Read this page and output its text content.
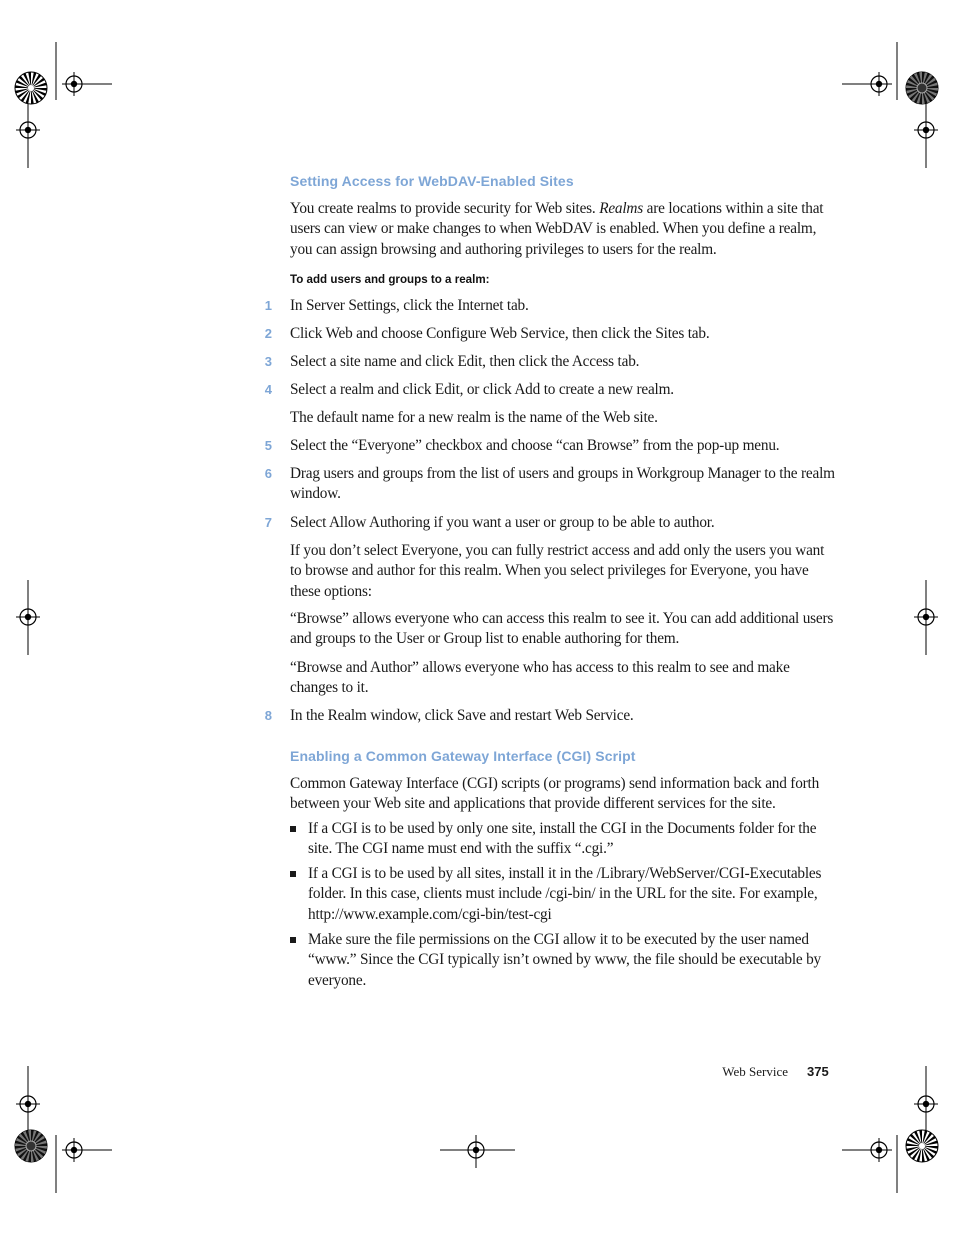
Setting Access for WebDAV-Enabled Sites

You create realms to provide security for Web sites. Realms are locations within a site that users can view or make changes to when WebDAV is enabled. When you define a realm, you can assign browsing and authoring privileges to users for the realm.

To add users and groups to a realm:
1 In Server Settings, click the Internet tab.

2 Click Web and choose Configure Web Service, then click the Sites tab.

3 Select a site name and click Edit, then click the Access tab.

4 Select a realm and click Edit, or click Add to create a new realm.

The default name for a new realm is the name of the Web site.

5 Select the “Everyone” checkbox and choose “can Browse” from the pop-up menu.

6 Drag users and groups from the list of users and groups in Workgroup Manager to the realm window.

7 Select Allow Authoring if you want a user or group to be able to author.

If you don’t select Everyone, you can fully restrict access and add only the users you want to browse and author for this realm. When you select privileges for Everyone, you have these options:

“Browse” allows everyone who can access this realm to see it. You can add additional users and groups to the User or Group list to enable authoring for them.

“Browse and Author” allows everyone who has access to this realm to see and make changes to it.

8 In the Realm window, click Save and restart Web Service.

Enabling a Common Gateway Interface (CGI) Script

Common Gateway Interface (CGI) scripts (or programs) send information back and forth between your Web site and applications that provide different services for the site.

If a CGI is to be used by only one site, install the CGI in the Documents folder for the site. The CGI name must end with the suffix “.cgi.”

If a CGI is to be used by all sites, install it in the /Library/WebServer/CGI-Executables folder. In this case, clients must include /cgi-bin/ in the URL for the site. For example, http://www.example.com/cgi-bin/test-cgi

Make sure the file permissions on the CGI allow it to be executed by the user named “www.” Since the CGI typically isn’t owned by www, the file should be executable by everyone.

Web Service 375
